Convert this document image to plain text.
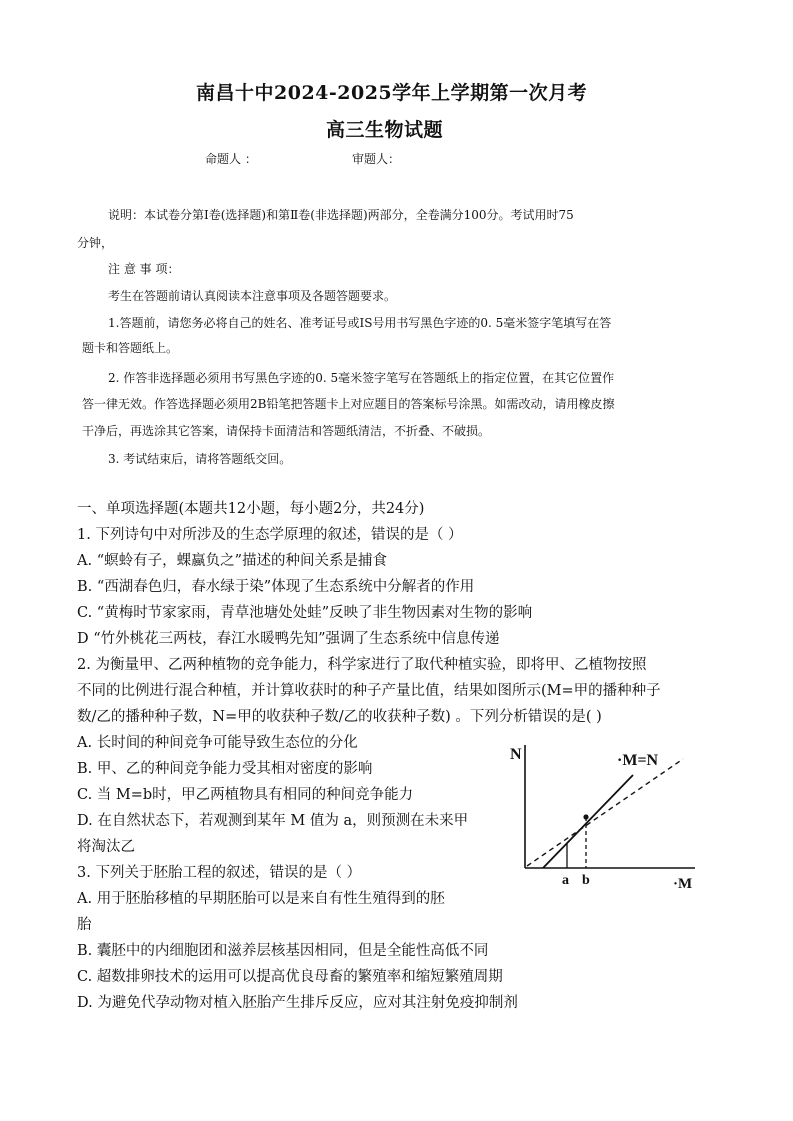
南昌十中2024-2025学年上学期第一次月考
高三生物试题
命题人 ：	审题人：
说明：本试卷分第Ⅰ卷(选择题)和第Ⅱ卷(非选择题)两部分，全卷满分100分。考试用时75
分钟，
注 意 事 项：
考生在答题前请认真阅读本注意事项及各题答题要求。
1.答题前，请您务必将自己的姓名、准考证号或IS号用书写黑色字迹的0. 5毫米签字笔填写在答
题卡和答题纸上。
2. 作答非选择题必须用书写黑色字迹的0. 5毫米签字笔写在答题纸上的指定位置，在其它位置作
答一律无效。作答选择题必须用2B铅笔把答题卡上对应题目的答案标号涂黑。如需改动，请用橡皮擦
干净后，再选涂其它答案，请保持卡面清洁和答题纸清洁，不折叠、不破损。
3. 考试结束后，请将答题纸交回。
一、单项选择题(本题共12小题，每小题2分，共24分)
1. 下列诗句中对所涉及的生态学原理的叙述，错误的是（ ）
A. “螟蛉有子，蜾蠃负之”描述的种间关系是捕食
B. “西湖春色归，春水绿于染”体现了生态系统中分解者的作用
C. “黄梅时节家家雨，青草池塘处处蛙”反映了非生物因素对生物的影响
D “竹外桃花三两枝，春江水暖鸭先知”强调了生态系统中信息传递
2. 为衡量甲、乙两种植物的竞争能力，科学家进行了取代种植实验，即将甲、乙植物按照
不同的比例进行混合种植，并计算收获时的种子产量比值，结果如图所示(M=甲的播种种子
数/乙的播种种子数，N=甲的收获种子数/乙的收获种子数) 。下列分析错误的是( )
A. 长时间的种间竞争可能导致生态位的分化
B. 甲、乙的种间竞争能力受其相对密度的影响
C. 当 M=b时，甲乙两植物具有相同的种间竞争能力
D. 在自然状态下，若观测到某年 M 值为 a，则预测在未来甲
将淘汰乙
N
·M
·M=N
a b
3. 下列关于胚胎工程的叙述，错误的是（ ）
A. 用于胚胎移植的早期胚胎可以是来自有性生殖得到的胚
胎
B. 囊胚中的内细胞团和滋养层核基因相同，但是全能性高低不同
C. 超数排卵技术的运用可以提高优良母畜的繁殖率和缩短繁殖周期
D. 为避免代孕动物对植入胚胎产生排斥反应，应对其注射免疫抑制剂
